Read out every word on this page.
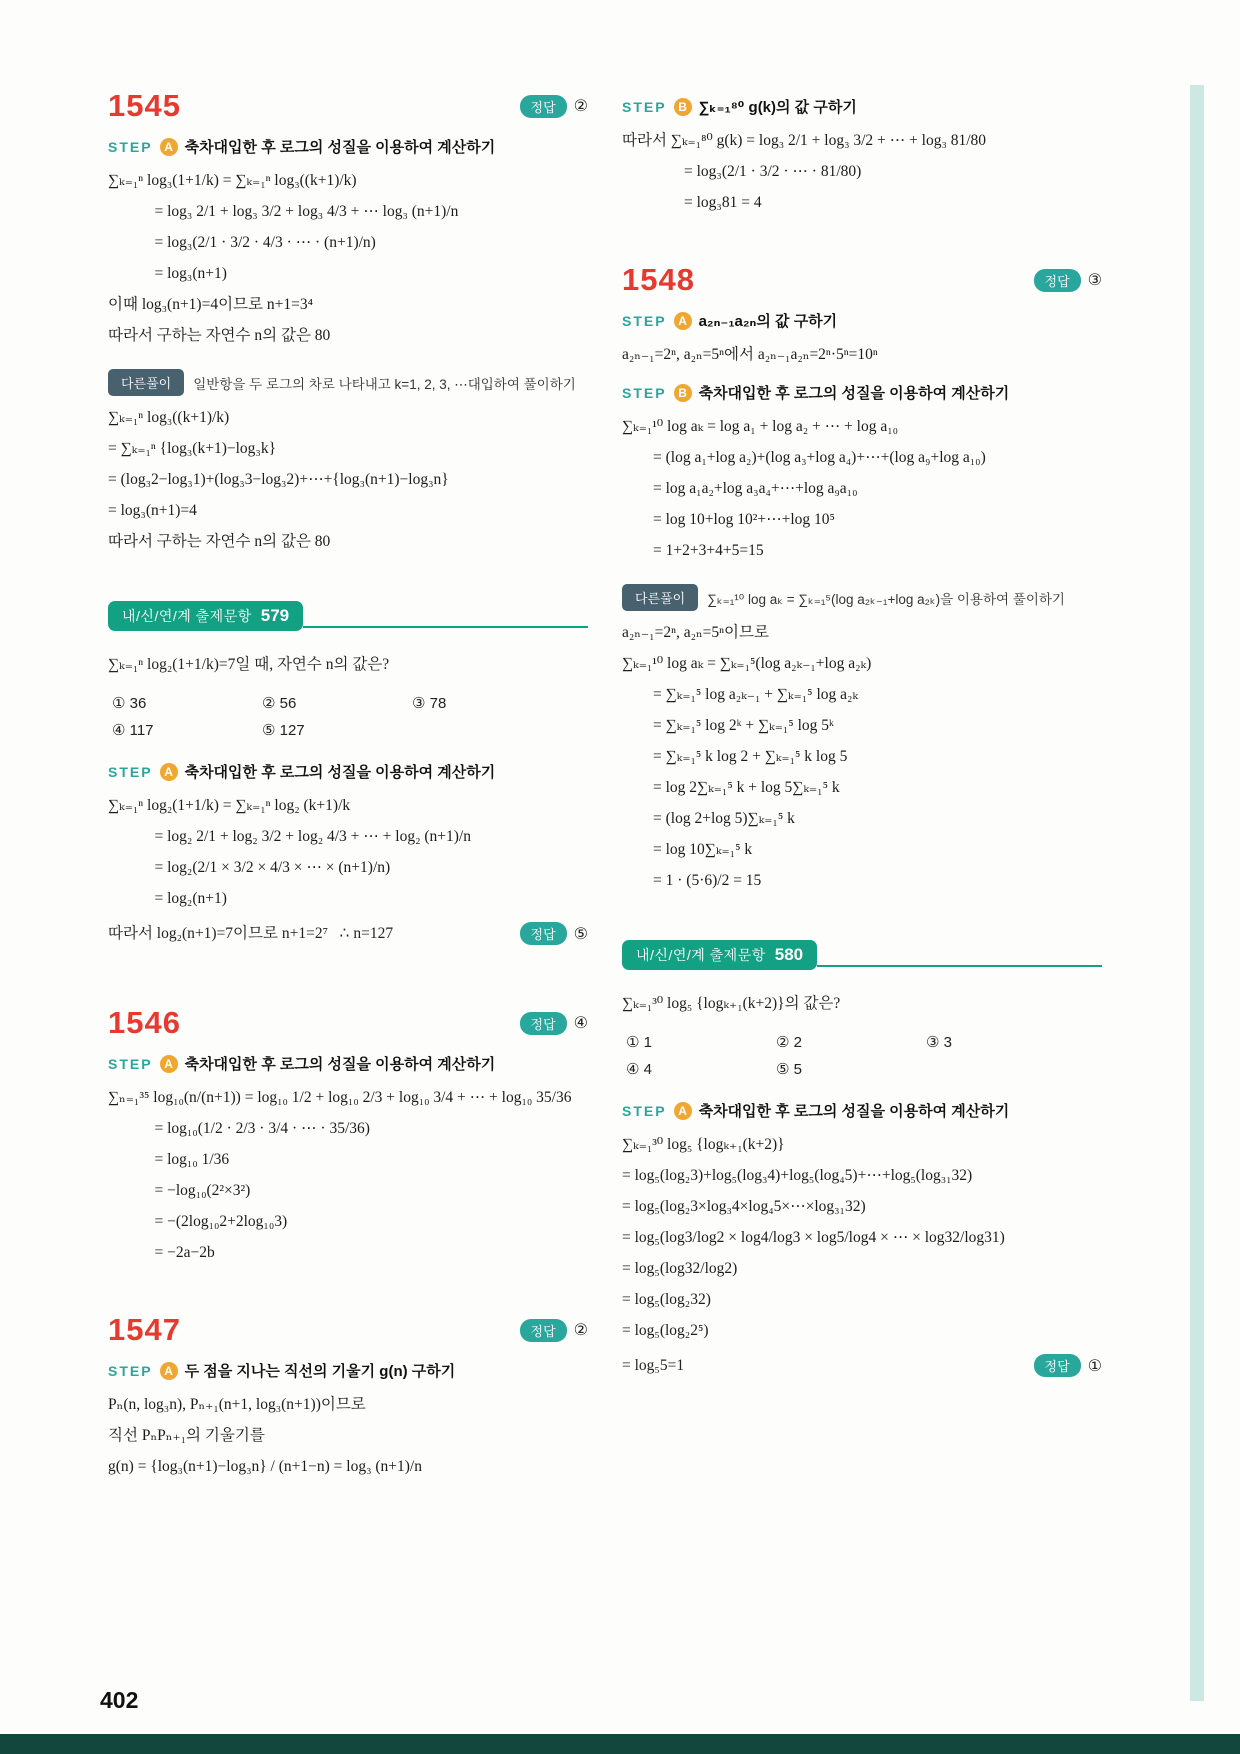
1545	정답	②
STEP A 축차대입한 후 로그의 성질을 이용하여 계산하기
∑ₖ₌₁ⁿ log₃(1+1/k) = ∑ₖ₌₁ⁿ log₃((k+1)/k)
= log₃ 2/1 + log₃ 3/2 + log₃ 4/3 + ⋯ log₃ (n+1)/n
= log₃(2/1 · 3/2 · 4/3 · ⋯ · (n+1)/n)
= log₃(n+1)
이때 log₃(n+1)=4이므로 n+1=3⁴
따라서 구하는 자연수 n의 값은 80
다른풀이	일반항을 두 로그의 차로 나타내고 k=1, 2, 3, ⋯대입하여 풀이하기
∑ₖ₌₁ⁿ log₃((k+1)/k)
= ∑ₖ₌₁ⁿ {log₃(k+1)−log₃k}
= (log₃2−log₃1)+(log₃3−log₃2)+⋯+{log₃(n+1)−log₃n}
= log₃(n+1)=4
따라서 구하는 자연수 n의 값은 80
내/신/연/계 출제문항 579
∑ₖ₌₁ⁿ log₂(1+1/k)=7일 때, 자연수 n의 값은?
① 36	② 56	③ 78
④ 117	⑤ 127
STEP A 축차대입한 후 로그의 성질을 이용하여 계산하기
∑ₖ₌₁ⁿ log₂(1+1/k) = ∑ₖ₌₁ⁿ log₂ (k+1)/k
= log₂ 2/1 + log₂ 3/2 + log₂ 4/3 + ⋯ + log₂ (n+1)/n
= log₂(2/1 × 3/2 × 4/3 × ⋯ × (n+1)/n)
= log₂(n+1)
따라서 log₂(n+1)=7이므로 n+1=2⁷   ∴ n=127	정답	⑤
1546	정답	④
STEP A 축차대입한 후 로그의 성질을 이용하여 계산하기
∑ₙ₌₁³⁵ log₁₀(n/(n+1)) = log₁₀ 1/2 + log₁₀ 2/3 + log₁₀ 3/4 + ⋯ + log₁₀ 35/36
= log₁₀(1/2 · 2/3 · 3/4 · ⋯ · 35/36)
= log₁₀ 1/36
= −log₁₀(2²×3²)
= −(2log₁₀2+2log₁₀3)
= −2a−2b
1547	정답	②
STEP A 두 점을 지나는 직선의 기울기 g(n) 구하기
Pₙ(n, log₃n), Pₙ₊₁(n+1, log₃(n+1))이므로
직선 PₙPₙ₊₁의 기울기를
g(n) = {log₃(n+1)−log₃n} / (n+1−n) = log₃ (n+1)/n
STEP B ∑ₖ₌₁⁸⁰ g(k)의 값 구하기
따라서 ∑ₖ₌₁⁸⁰ g(k) = log₃ 2/1 + log₃ 3/2 + ⋯ + log₃ 81/80
= log₃(2/1 · 3/2 · ⋯ · 81/80)
= log₃81 = 4
1548	정답	③
STEP A a₂ₙ₋₁a₂ₙ의 값 구하기
a₂ₙ₋₁=2ⁿ, a₂ₙ=5ⁿ에서 a₂ₙ₋₁a₂ₙ=2ⁿ·5ⁿ=10ⁿ
STEP B 축차대입한 후 로그의 성질을 이용하여 계산하기
∑ₖ₌₁¹⁰ log aₖ = log a₁ + log a₂ + ⋯ + log a₁₀
= (log a₁+log a₂)+(log a₃+log a₄)+⋯+(log a₉+log a₁₀)
= log a₁a₂+log a₃a₄+⋯+log a₉a₁₀
= log 10+log 10²+⋯+log 10⁵
= 1+2+3+4+5=15
다른풀이	∑ₖ₌₁¹⁰ log aₖ = ∑ₖ₌₁⁵(log a₂ₖ₋₁+log a₂ₖ)을 이용하여 풀이하기
a₂ₙ₋₁=2ⁿ, a₂ₙ=5ⁿ이므로
∑ₖ₌₁¹⁰ log aₖ = ∑ₖ₌₁⁵(log a₂ₖ₋₁+log a₂ₖ)
= ∑ₖ₌₁⁵ log a₂ₖ₋₁ + ∑ₖ₌₁⁵ log a₂ₖ
= ∑ₖ₌₁⁵ log 2ᵏ + ∑ₖ₌₁⁵ log 5ᵏ
= ∑ₖ₌₁⁵ k log 2 + ∑ₖ₌₁⁵ k log 5
= log 2∑ₖ₌₁⁵ k + log 5∑ₖ₌₁⁵ k
= (log 2+log 5)∑ₖ₌₁⁵ k
= log 10∑ₖ₌₁⁵ k
= 1 · (5·6)/2 = 15
내/신/연/계 출제문항 580
∑ₖ₌₁³⁰ log₅ {logₖ₊₁(k+2)}의 값은?
① 1	② 2	③ 3
④ 4	⑤ 5
STEP A 축차대입한 후 로그의 성질을 이용하여 계산하기
∑ₖ₌₁³⁰ log₅ {logₖ₊₁(k+2)}
= log₅(log₂3)+log₅(log₃4)+log₅(log₄5)+⋯+log₅(log₃₁32)
= log₅(log₂3×log₃4×log₄5×⋯×log₃₁32)
= log₅(log3/log2 × log4/log3 × log5/log4 × ⋯ × log32/log31)
= log₅(log32/log2)
= log₅(log₂32)
= log₅(log₂2⁵)
= log₅5=1	정답	①
402
